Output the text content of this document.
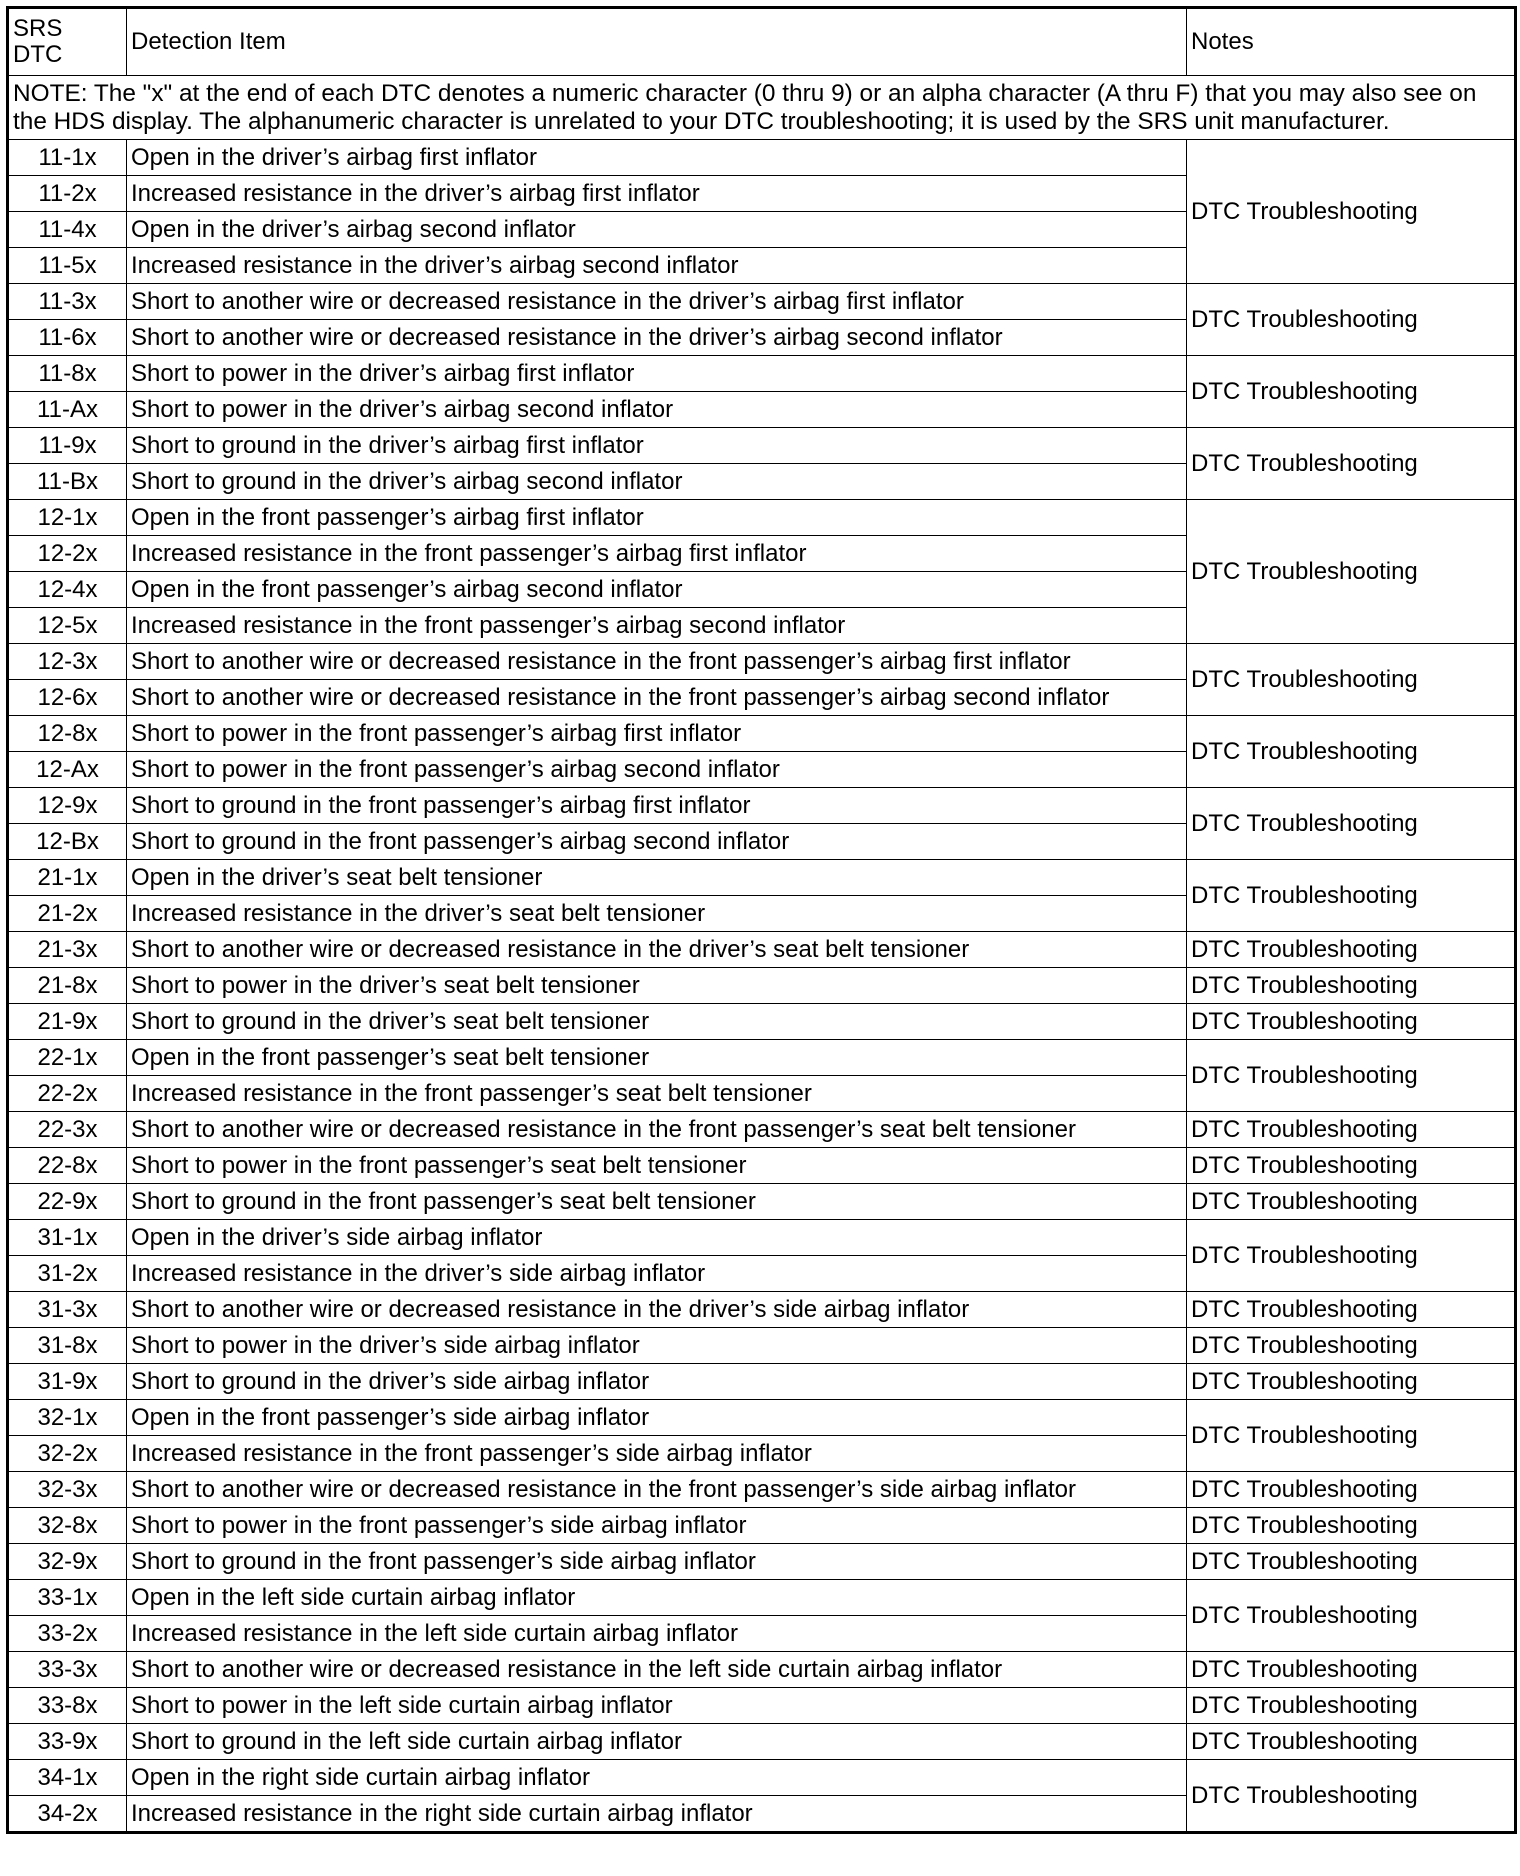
SRS
DTC	Detection Item	Notes
NOTE: The "x" at the end of each DTC denotes a numeric character (0 thru 9) or an alpha character (A thru F) that you may also see on the HDS display. The alphanumeric character is unrelated to your DTC troubleshooting; it is used by the SRS unit manufacturer.		
11-1x	Open in the driver’s airbag first inflator	DTC Troubleshooting
11-2x	Increased resistance in the driver’s airbag first inflator	
11-4x	Open in the driver’s airbag second inflator	
11-5x	Increased resistance in the driver’s airbag second inflator	
11-3x	Short to another wire or decreased resistance in the driver’s airbag first inflator	DTC Troubleshooting
11-6x	Short to another wire or decreased resistance in the driver’s airbag second inflator	
11-8x	Short to power in the driver’s airbag first inflator	DTC Troubleshooting
11-Ax	Short to power in the driver’s airbag second inflator	
11-9x	Short to ground in the driver’s airbag first inflator	DTC Troubleshooting
11-Bx	Short to ground in the driver’s airbag second inflator	
12-1x	Open in the front passenger’s airbag first inflator	DTC Troubleshooting
12-2x	Increased resistance in the front passenger’s airbag first inflator	
12-4x	Open in the front passenger’s airbag second inflator	
12-5x	Increased resistance in the front passenger’s airbag second inflator	
12-3x	Short to another wire or decreased resistance in the front passenger’s airbag first inflator	DTC Troubleshooting
12-6x	Short to another wire or decreased resistance in the front passenger’s airbag second inflator	
12-8x	Short to power in the front passenger’s airbag first inflator	DTC Troubleshooting
12-Ax	Short to power in the front passenger’s airbag second inflator	
12-9x	Short to ground in the front passenger’s airbag first inflator	DTC Troubleshooting
12-Bx	Short to ground in the front passenger’s airbag second inflator	
21-1x	Open in the driver’s seat belt tensioner	DTC Troubleshooting
21-2x	Increased resistance in the driver’s seat belt tensioner	
21-3x	Short to another wire or decreased resistance in the driver’s seat belt tensioner	DTC Troubleshooting
21-8x	Short to power in the driver’s seat belt tensioner	DTC Troubleshooting
21-9x	Short to ground in the driver’s seat belt tensioner	DTC Troubleshooting
22-1x	Open in the front passenger’s seat belt tensioner	DTC Troubleshooting
22-2x	Increased resistance in the front passenger’s seat belt tensioner	
22-3x	Short to another wire or decreased resistance in the front passenger’s seat belt tensioner	DTC Troubleshooting
22-8x	Short to power in the front passenger’s seat belt tensioner	DTC Troubleshooting
22-9x	Short to ground in the front passenger’s seat belt tensioner	DTC Troubleshooting
31-1x	Open in the driver’s side airbag inflator	DTC Troubleshooting
31-2x	Increased resistance in the driver’s side airbag inflator	
31-3x	Short to another wire or decreased resistance in the driver’s side airbag inflator	DTC Troubleshooting
31-8x	Short to power in the driver’s side airbag inflator	DTC Troubleshooting
31-9x	Short to ground in the driver’s side airbag inflator	DTC Troubleshooting
32-1x	Open in the front passenger’s side airbag inflator	DTC Troubleshooting
32-2x	Increased resistance in the front passenger’s side airbag inflator	
32-3x	Short to another wire or decreased resistance in the front passenger’s side airbag inflator	DTC Troubleshooting
32-8x	Short to power in the front passenger’s side airbag inflator	DTC Troubleshooting
32-9x	Short to ground in the front passenger’s side airbag inflator	DTC Troubleshooting
33-1x	Open in the left side curtain airbag inflator	DTC Troubleshooting
33-2x	Increased resistance in the left side curtain airbag inflator	
33-3x	Short to another wire or decreased resistance in the left side curtain airbag inflator	DTC Troubleshooting
33-8x	Short to power in the left side curtain airbag inflator	DTC Troubleshooting
33-9x	Short to ground in the left side curtain airbag inflator	DTC Troubleshooting
34-1x	Open in the right side curtain airbag inflator	DTC Troubleshooting
34-2x	Increased resistance in the right side curtain airbag inflator	
